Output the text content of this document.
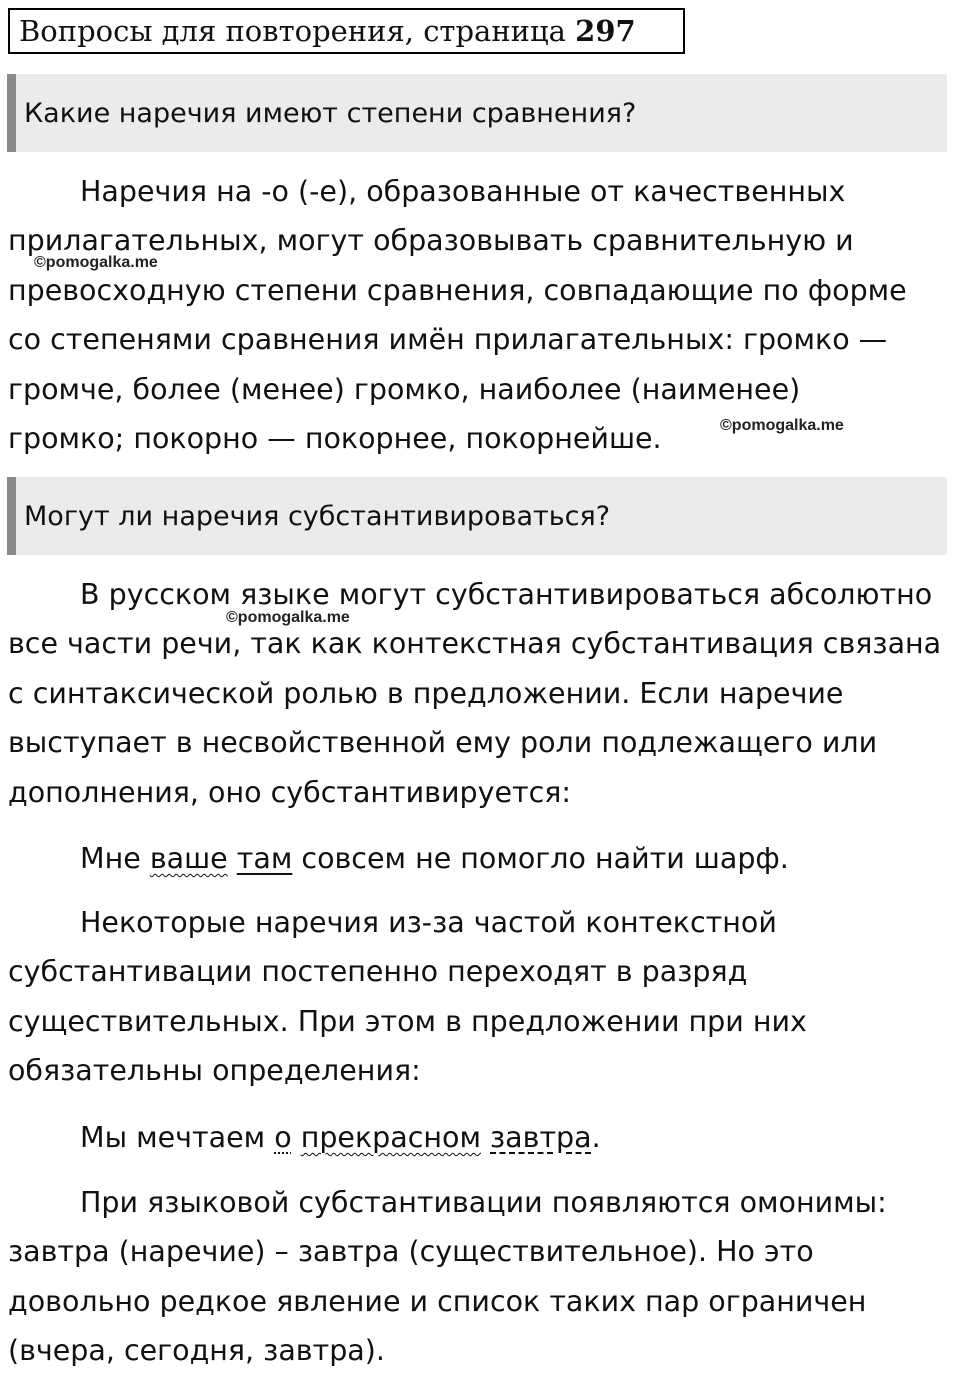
Вопросы для повторения, страница 297
Какие наречия имеют степени сравнения?
Наречия на -о (-е), образованные от качественных
прилагательных, могут образовывать сравнительную и
превосходную степени сравнения, совпадающие по форме
со степенями сравнения имён прилагательных: громко —
громче, более (менее) громко, наиболее (наименее)
громко; покорно — покорнее, покорнейше.
©pomogalka.me
©pomogalka.me
Могут ли наречия субстантивироваться?
В русском языке могут субстантивироваться абсолютно
все части речи, так как контекстная субстантивация связана
с синтаксической ролью в предложении. Если наречие
выступает в несвойственной ему роли подлежащего или
дополнения, оно субстантивируется:
©pomogalka.me
Мне ваше там совсем не помогло найти шарф.
Некоторые наречия из-за частой контекстной
субстантивации постепенно переходят в разряд
существительных. При этом в предложении при них
обязательны определения:
Мы мечтаем о прекрасном завтра.
При языковой субстантивации появляются омонимы:
завтра (наречие) – завтра (существительное). Но это
довольно редкое явление и список таких пар ограничен
(вчера, сегодня, завтра).
